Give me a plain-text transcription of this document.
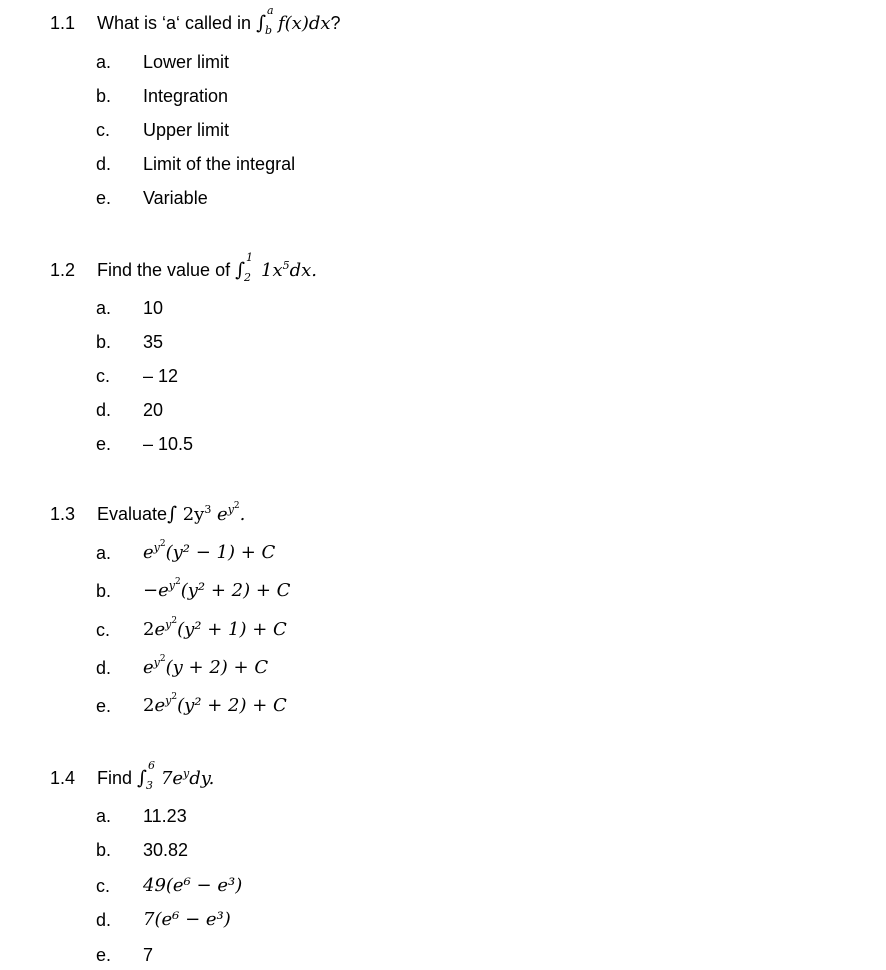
1.1 What is ‘a‘ called in ∫
a
b f(x)dx?
a. Lower limit
b. Integration
c. Upper limit
d. Limit of the integral
e. Variable
1.2 Find the value of ∫
1
2 $1x^5dx$.
a. 10
b. 35
c. – 12
d. 20
e. – 10.5
1.3 Evaluate∫ $2y^3$ $e^{y^2}$.
a. $e^{y^2}(y^2 - 1) + C$
b. $-e^{y^2}(y^2 + 2) + C$
c. $2e^{y^2}(y^2 + 1) + C$
d. $e^{y^2}(y + 2) + C$
e. $2e^{y^2}(y^2 + 2) + C$
1.4 Find ∫
6
3 $7e^ydy$.
a. 11.23
b. 30.82
c. 49(e⁶ − e³)
d. 7(e⁶ − e³)
e. 7
